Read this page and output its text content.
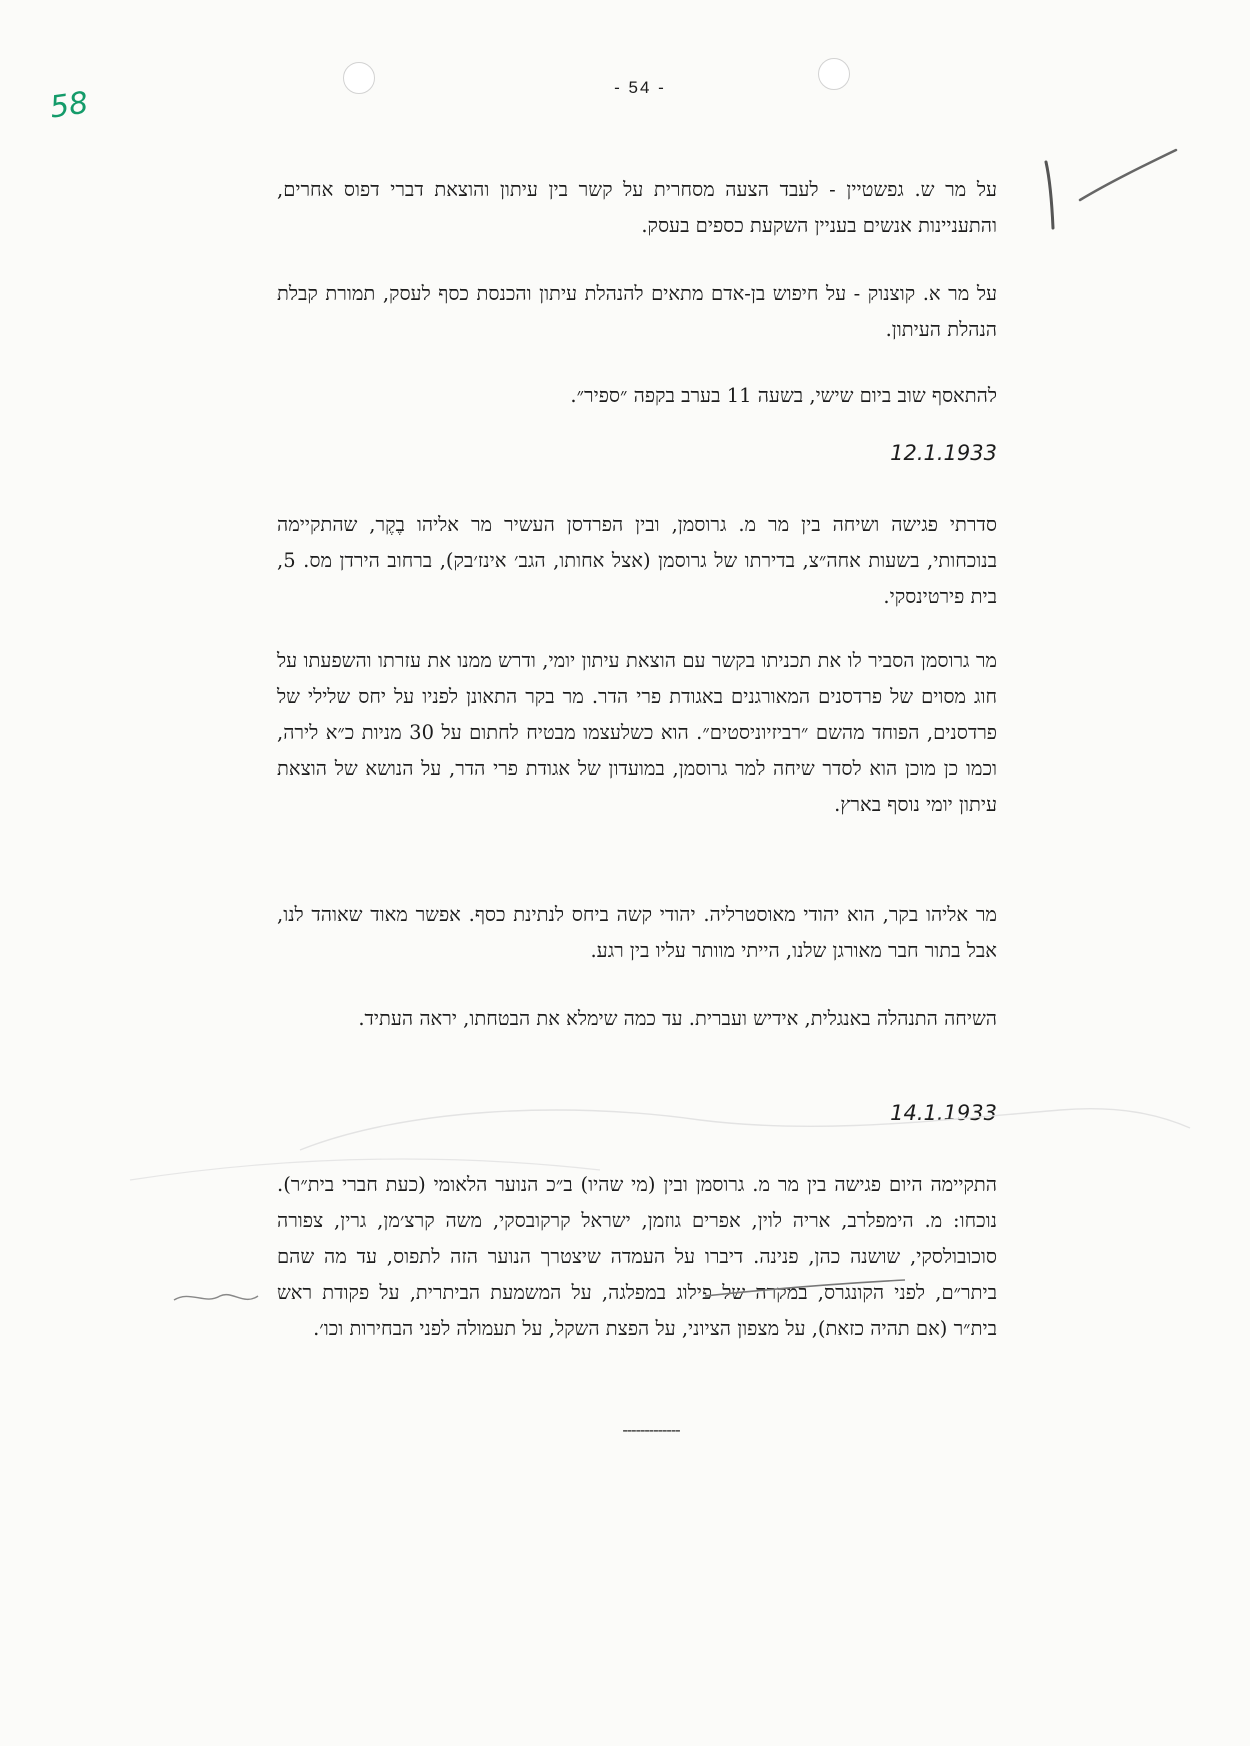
58	- 54 -
על מר ש. גפשטיין - לעבד הצעה מסחרית על קשר בין עיתון והוצאת דברי דפוס אחרים, והתעניינות אנשים בעניין השקעת כספים בעסק.
על מר א. קוצנוק - על חיפוש בן-אדם מתאים להנהלת עיתון והכנסת כסף לעסק, תמורת קבלת הנהלת העיתון.
להתאסף שוב ביום שישי, בשעה 11 בערב בקפה ״ספיר״.
12.1.1933
סדרתי פגישה ושיחה בין מר מ. גרוסמן, ובין הפרדסן העשיר מר אליהו בֶקֶר, שהתקיימה בנוכחותי, בשעות אחה״צ, בדירתו של גרוסמן (אצל אחותו, הגב׳ אינז׳בק), ברחוב הירדן מס. 5, בית פירטינסקי.
מר גרוסמן הסביר לו את תכניתו בקשר עם הוצאת עיתון יומי, ודרש ממנו את עזרתו והשפעתו על חוג מסוים של פרדסנים המאורגנים באגודת פרי הדר. מר בקר התאונן לפניו על יחס שלילי של פרדסנים, הפוחד מהשם ״רביזיוניסטים״. הוא כשלעצמו מבטיח לחתום על 30 מניות כ״א לירה, וכמו כן מוכן הוא לסדר שיחה למר גרוסמן, במועדון של אגודת פרי הדר, על הנושא של הוצאת עיתון יומי נוסף בארץ.
מר אליהו בקר, הוא יהודי מאוסטרליה. יהודי קשה ביחס לנתינת כסף. אפשר מאוד שאוהד לנו, אבל בתור חבר מאורגן שלנו, הייתי מוותר עליו בין רגע.
השיחה התנהלה באנגלית, אידיש ועברית. עד כמה שימלא את הבטחתו, יראה העתיד.
14.1.1933
התקיימה היום פגישה בין מר מ. גרוסמן ובין (מי שהיו) ב״כ הנוער הלאומי (כעת חברי בית״ר). נוכחו: מ. הימפלרב, אריה לוין, אפרים גוזמן, ישראל קרקובסקי, משה קרצ׳מן, גרין, צפורה סוכובולסקי, שושנה כהן, פנינה. דיברו על העמדה שיצטרך הנוער הזה לתפוס, עד מה שהם ביתר״ם, לפני הקונגרס, במקרה של פילוג במפלגה, על המשמעת הביתרית, על פקודת ראש בית״ר (אם תהיה כזאת), על מצפון הציוני, על הפצת השקל, על תעמולה לפני הבחירות וכו׳.
-------------
